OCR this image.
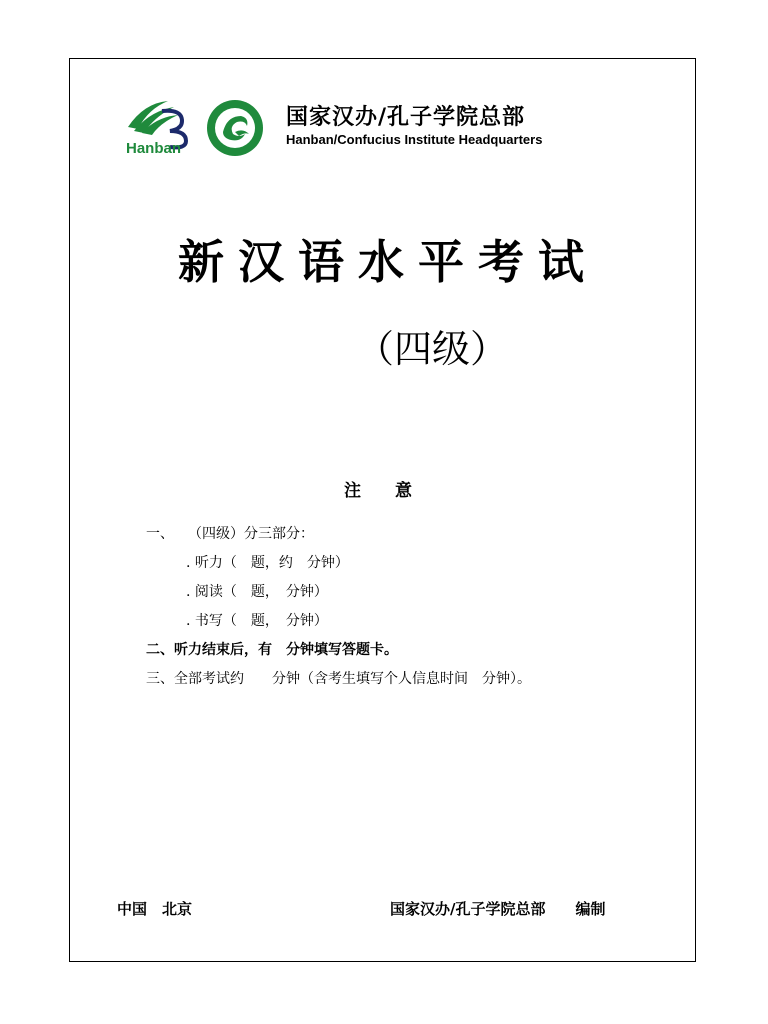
Hanban
国家汉办/孔子学院总部
Hanban/Confucius Institute Headquarters
新汉语水平考试
（四级）
注　　意
一、　　（四级）分三部分：
. 听力（　题，约　分钟）
. 阅读（　题，　分钟）
. 书写（　题，　分钟）
二、听力结束后，有　分钟填写答题卡。
三、全部考试约　　分钟（含考生填写个人信息时间　分钟）。
中国　北京	国家汉办/孔子学院总部　　编制
